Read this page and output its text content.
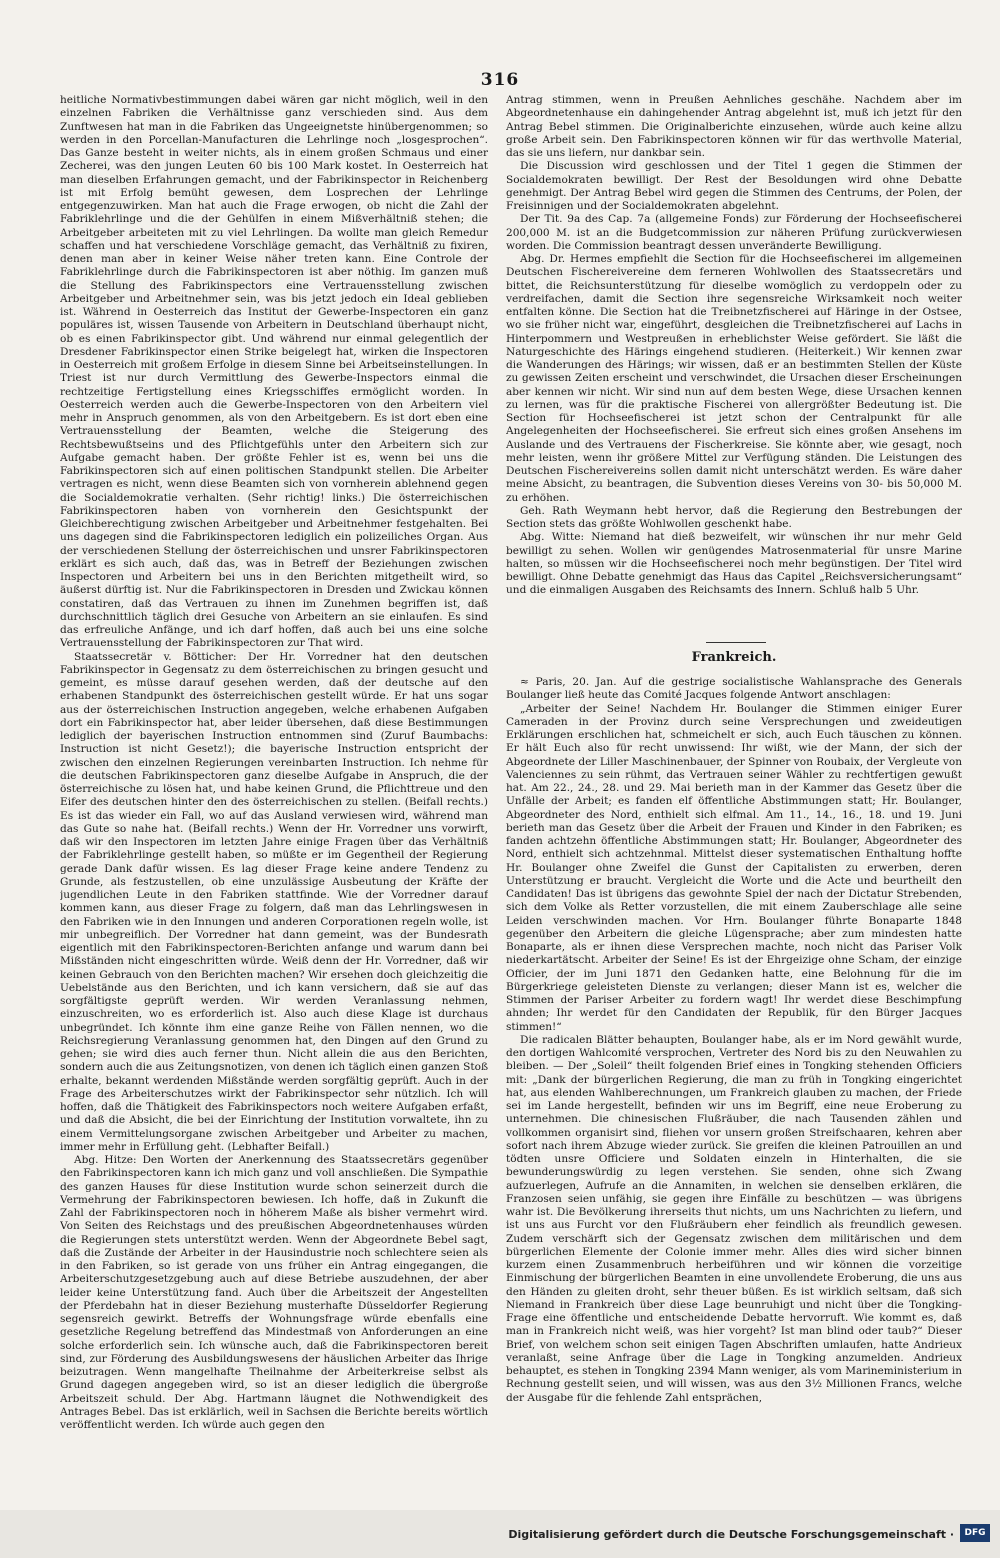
316

heitliche Normativbestimmungen dabei wären gar nicht möglich, weil in den einzelnen Fabriken die Verhältnisse ganz verschieden sind. Aus dem Zunftwesen hat man in die Fabriken das Ungeeignetste hinübergenommen; so werden in den Porcellan-Manufacturen die Lehrlinge noch „losgesprochen“. Das Ganze besteht in weiter nichts, als in einem großen Schmaus und einer Zecherei, was den jungen Leuten 60 bis 100 Mark kostet. In Oesterreich hat man dieselben Erfahrungen gemacht, und der Fabrikinspector in Reichenberg ist mit Erfolg bemüht gewesen, dem Losprechen der Lehrlinge entgegenzuwirken. Man hat auch die Frage erwogen, ob nicht die Zahl der Fabriklehrlinge und die der Gehülfen in einem Mißverhältniß stehen; die Arbeitgeber arbeiteten mit zu viel Lehrlingen. Da wollte man gleich Remedur schaffen und hat verschiedene Vorschläge gemacht, das Verhältniß zu fixiren, denen man aber in keiner Weise näher treten kann. Eine Controle der Fabriklehrlinge durch die Fabrikinspectoren ist aber nöthig. Im ganzen muß die Stellung des Fabrikinspectors eine Vertrauensstellung zwischen Arbeitgeber und Arbeitnehmer sein, was bis jetzt jedoch ein Ideal geblieben ist. Während in Oesterreich das Institut der Gewerbe-Inspectoren ein ganz populäres ist, wissen Tausende von Arbeitern in Deutschland überhaupt nicht, ob es einen Fabrikinspector gibt. Und während nur einmal gelegentlich der Dresdener Fabrikinspector einen Strike beigelegt hat, wirken die Inspectoren in Oesterreich mit großem Erfolge in diesem Sinne bei Arbeitseinstellungen. In Triest ist nur durch Vermittlung des Gewerbe-Inspectors einmal die rechtzeitige Fertigstellung eines Kriegsschiffes ermöglicht worden. In Oesterreich werden auch die Gewerbe-Inspectoren von den Arbeitern viel mehr in Anspruch genommen, als von den Arbeitgebern. Es ist dort eben eine Vertrauensstellung der Beamten, welche die Steigerung des Rechtsbewußtseins und des Pflichtgefühls unter den Arbeitern sich zur Aufgabe gemacht haben. Der größte Fehler ist es, wenn bei uns die Fabrikinspectoren sich auf einen politischen Standpunkt stellen. Die Arbeiter vertragen es nicht, wenn diese Beamten sich von vornherein ablehnend gegen die Socialdemokratie verhalten. (Sehr richtig! links.) Die österreichischen Fabrikinspectoren haben von vornherein den Gesichtspunkt der Gleichberechtigung zwischen Arbeitgeber und Arbeitnehmer festgehalten. Bei uns dagegen sind die Fabrikinspectoren lediglich ein polizeiliches Organ. Aus der verschiedenen Stellung der österreichischen und unsrer Fabrikinspectoren erklärt es sich auch, daß das, was in Betreff der Beziehungen zwischen Inspectoren und Arbeitern bei uns in den Berichten mitgetheilt wird, so äußerst dürftig ist. Nur die Fabrikinspectoren in Dresden und Zwickau können constatiren, daß das Vertrauen zu ihnen im Zunehmen begriffen ist, daß durchschnittlich täglich drei Gesuche von Arbeitern an sie einlaufen. Es sind das erfreuliche Anfänge, und ich darf hoffen, daß auch bei uns eine solche Vertrauensstellung der Fabrikinspectoren zur That wird.

Staatssecretär v. Bötticher: Der Hr. Vorredner hat den deutschen Fabrikinspector in Gegensatz zu dem österreichischen zu bringen gesucht und gemeint, es müsse darauf gesehen werden, daß der deutsche auf den erhabenen Standpunkt des österreichischen gestellt würde. Er hat uns sogar aus der österreichischen Instruction angegeben, welche erhabenen Aufgaben dort ein Fabrikinspector hat, aber leider übersehen, daß diese Bestimmungen lediglich der bayerischen Instruction entnommen sind (Zuruf Baumbachs: Instruction ist nicht Gesetz!); die bayerische Instruction entspricht der zwischen den einzelnen Regierungen vereinbarten Instruction. Ich nehme für die deutschen Fabrikinspectoren ganz dieselbe Aufgabe in Anspruch, die der österreichische zu lösen hat, und habe keinen Grund, die Pflichttreue und den Eifer des deutschen hinter den des österreichischen zu stellen. (Beifall rechts.) Es ist das wieder ein Fall, wo auf das Ausland verwiesen wird, während man das Gute so nahe hat. (Beifall rechts.) Wenn der Hr. Vorredner uns vorwirft, daß wir den Inspectoren im letzten Jahre einige Fragen über das Verhältniß der Fabriklehrlinge gestellt haben, so müßte er im Gegentheil der Regierung gerade Dank dafür wissen. Es lag dieser Frage keine andere Tendenz zu Grunde, als festzustellen, ob eine unzulässige Ausbeutung der Kräfte der jugendlichen Leute in den Fabriken stattfinde. Wie der Vorredner darauf kommen kann, aus dieser Frage zu folgern, daß man das Lehrlingswesen in den Fabriken wie in den Innungen und anderen Corporationen regeln wolle, ist mir unbegreiflich. Der Vorredner hat dann gemeint, was der Bundesrath eigentlich mit den Fabrikinspectoren-Berichten anfange und warum dann bei Mißständen nicht eingeschritten würde. Weiß denn der Hr. Vorredner, daß wir keinen Gebrauch von den Berichten machen? Wir ersehen doch gleichzeitig die Uebelstände aus den Berichten, und ich kann versichern, daß sie auf das sorgfältigste geprüft werden. Wir werden Veranlassung nehmen, einzuschreiten, wo es erforderlich ist. Also auch diese Klage ist durchaus unbegründet. Ich könnte ihm eine ganze Reihe von Fällen nennen, wo die Reichsregierung Veranlassung genommen hat, den Dingen auf den Grund zu gehen; sie wird dies auch ferner thun. Nicht allein die aus den Berichten, sondern auch die aus Zeitungsnotizen, von denen ich täglich einen ganzen Stoß erhalte, bekannt werdenden Mißstände werden sorgfältig geprüft. Auch in der Frage des Arbeiterschutzes wirkt der Fabrikinspector sehr nützlich. Ich will hoffen, daß die Thätigkeit des Fabrikinspectors noch weitere Aufgaben erfaßt, und daß die Absicht, die bei der Einrichtung der Institution vorwaltete, ihn zu einem Vermittelungsorgane zwischen Arbeitgeber und Arbeiter zu machen, immer mehr in Erfüllung geht. (Lebhafter Beifall.)

Abg. Hitze: Den Worten der Anerkennung des Staatssecretärs gegenüber den Fabrikinspectoren kann ich mich ganz und voll anschließen. Die Sympathie des ganzen Hauses für diese Institution wurde schon seinerzeit durch die Vermehrung der Fabrikinspectoren bewiesen. Ich hoffe, daß in Zukunft die Zahl der Fabrikinspectoren noch in höherem Maße als bisher vermehrt wird. Von Seiten des Reichstags und des preußischen Abgeordnetenhauses würden die Regierungen stets unterstützt werden. Wenn der Abgeordnete Bebel sagt, daß die Zustände der Arbeiter in der Hausindustrie noch schlechtere seien als in den Fabriken, so ist gerade von uns früher ein Antrag eingegangen, die Arbeiterschutzgesetzgebung auch auf diese Betriebe auszudehnen, der aber leider keine Unterstützung fand. Auch über die Arbeitszeit der Angestellten der Pferdebahn hat in dieser Beziehung musterhafte Düsseldorfer Regierung segensreich gewirkt. Betreffs der Wohnungsfrage würde ebenfalls eine gesetzliche Regelung betreffend das Mindestmaß von Anforderungen an eine solche erforderlich sein. Ich wünsche auch, daß die Fabrikinspectoren bereit sind, zur Förderung des Ausbildungswesens der häuslichen Arbeiter das Ihrige beizutragen. Wenn mangelhafte Theilnahme der Arbeiterkreise selbst als Grund dagegen angegeben wird, so ist an dieser lediglich die übergroße Arbeitszeit schuld. Der Abg. Hartmann läugnet die Nothwendigkeit des Antrages Bebel. Das ist erklärlich, weil in Sachsen die Berichte bereits wörtlich veröffentlicht werden. Ich würde auch gegen den

Antrag stimmen, wenn in Preußen Aehnliches geschähe. Nachdem aber im Abgeordnetenhause ein dahingehender Antrag abgelehnt ist, muß ich jetzt für den Antrag Bebel stimmen. Die Originalberichte einzusehen, würde auch keine allzu große Arbeit sein. Den Fabrikinspectoren können wir für das werthvolle Material, das sie uns liefern, nur dankbar sein.

Die Discussion wird geschlossen und der Titel 1 gegen die Stimmen der Socialdemokraten bewilligt. Der Rest der Besoldungen wird ohne Debatte genehmigt. Der Antrag Bebel wird gegen die Stimmen des Centrums, der Polen, der Freisinnigen und der Socialdemokraten abgelehnt.

Der Tit. 9a des Cap. 7a (allgemeine Fonds) zur Förderung der Hochseefischerei 200,000 M. ist an die Budgetcommission zur näheren Prüfung zurückverwiesen worden. Die Commission beantragt dessen unveränderte Bewilligung.

Abg. Dr. Hermes empfiehlt die Section für die Hochseefischerei im allgemeinen Deutschen Fischereivereine dem ferneren Wohlwollen des Staatssecretärs und bittet, die Reichsunterstützung für dieselbe womöglich zu verdoppeln oder zu verdreifachen, damit die Section ihre segensreiche Wirksamkeit noch weiter entfalten könne. Die Section hat die Treibnetzfischerei auf Häringe in der Ostsee, wo sie früher nicht war, eingeführt, desgleichen die Treibnetzfischerei auf Lachs in Hinterpommern und Westpreußen in erheblichster Weise gefördert. Sie läßt die Naturgeschichte des Härings eingehend studieren. (Heiterkeit.) Wir kennen zwar die Wanderungen des Härings; wir wissen, daß er an bestimmten Stellen der Küste zu gewissen Zeiten erscheint und verschwindet, die Ursachen dieser Erscheinungen aber kennen wir nicht. Wir sind nun auf dem besten Wege, diese Ursachen kennen zu lernen, was für die praktische Fischerei von allergrößter Bedeutung ist. Die Section für Hochseefischerei ist jetzt schon der Centralpunkt für alle Angelegenheiten der Hochseefischerei. Sie erfreut sich eines großen Ansehens im Auslande und des Vertrauens der Fischerkreise. Sie könnte aber, wie gesagt, noch mehr leisten, wenn ihr größere Mittel zur Verfügung ständen. Die Leistungen des Deutschen Fischereivereins sollen damit nicht unterschätzt werden. Es wäre daher meine Absicht, zu beantragen, die Subvention dieses Vereins von 30- bis 50,000 M. zu erhöhen.

Geh. Rath Weymann hebt hervor, daß die Regierung den Bestrebungen der Section stets das größte Wohlwollen geschenkt habe.

Abg. Witte: Niemand hat dieß bezweifelt, wir wünschen ihr nur mehr Geld bewilligt zu sehen. Wollen wir genügendes Matrosenmaterial für unsre Marine halten, so müssen wir die Hochseefischerei noch mehr begünstigen. Der Titel wird bewilligt. Ohne Debatte genehmigt das Haus das Capitel „Reichsversicherungsamt“ und die einmaligen Ausgaben des Reichsamts des Innern. Schluß halb 5 Uhr.

Frankreich.

≈ Paris, 20. Jan. Auf die gestrige socialistische Wahlansprache des Generals Boulanger ließ heute das Comité Jacques folgende Antwort anschlagen:

„Arbeiter der Seine! Nachdem Hr. Boulanger die Stimmen einiger Eurer Cameraden in der Provinz durch seine Versprechungen und zweideutigen Erklärungen erschlichen hat, schmeichelt er sich, auch Euch täuschen zu können. Er hält Euch also für recht unwissend: Ihr wißt, wie der Mann, der sich der Abgeordnete der Liller Maschinenbauer, der Spinner von Roubaix, der Vergleute von Valenciennes zu sein rühmt, das Vertrauen seiner Wähler zu rechtfertigen gewußt hat. Am 22., 24., 28. und 29. Mai berieth man in der Kammer das Gesetz über die Unfälle der Arbeit; es fanden elf öffentliche Abstimmungen statt; Hr. Boulanger, Abgeordneter des Nord, enthielt sich elfmal. Am 11., 14., 16., 18. und 19. Juni berieth man das Gesetz über die Arbeit der Frauen und Kinder in den Fabriken; es fanden achtzehn öffentliche Abstimmungen statt; Hr. Boulanger, Abgeordneter des Nord, enthielt sich achtzehnmal. Mittelst dieser systematischen Enthaltung hoffte Hr. Boulanger ohne Zweifel die Gunst der Capitalisten zu erwerben, deren Unterstützung er braucht. Vergleicht die Worte und die Acte und beurtheilt den Candidaten! Das ist übrigens das gewohnte Spiel der nach der Dictatur Strebenden, sich dem Volke als Retter vorzustellen, die mit einem Zauberschlage alle seine Leiden verschwinden machen. Vor Hrn. Boulanger führte Bonaparte 1848 gegenüber den Arbeitern die gleiche Lügensprache; aber zum mindesten hatte Bonaparte, als er ihnen diese Versprechen machte, noch nicht das Pariser Volk niederkartätscht. Arbeiter der Seine! Es ist der Ehrgeizige ohne Scham, der einzige Officier, der im Juni 1871 den Gedanken hatte, eine Belohnung für die im Bürgerkriege geleisteten Dienste zu verlangen; dieser Mann ist es, welcher die Stimmen der Pariser Arbeiter zu fordern wagt! Ihr werdet diese Beschimpfung ahnden; Ihr werdet für den Candidaten der Republik, für den Bürger Jacques stimmen!“

Die radicalen Blätter behaupten, Boulanger habe, als er im Nord gewählt wurde, den dortigen Wahlcomité versprochen, Vertreter des Nord bis zu den Neuwahlen zu bleiben. — Der „Soleil“ theilt folgenden Brief eines in Tongking stehenden Officiers mit: „Dank der bürgerlichen Regierung, die man zu früh in Tongking eingerichtet hat, aus elenden Wahlberechnungen, um Frankreich glauben zu machen, der Friede sei im Lande hergestellt, befinden wir uns im Begriff, eine neue Eroberung zu unternehmen. Die chinesischen Flußräuber, die nach Tausenden zählen und vollkommen organisirt sind, fliehen vor unsern großen Streifschaaren, kehren aber sofort nach ihrem Abzuge wieder zurück. Sie greifen die kleinen Patrouillen an und tödten unsre Officiere und Soldaten einzeln in Hinterhalten, die sie bewunderungswürdig zu legen verstehen. Sie senden, ohne sich Zwang aufzuerlegen, Aufrufe an die Annamiten, in welchen sie denselben erklären, die Franzosen seien unfähig, sie gegen ihre Einfälle zu beschützen — was übrigens wahr ist. Die Bevölkerung ihrerseits thut nichts, um uns Nachrichten zu liefern, und ist uns aus Furcht vor den Flußräubern eher feindlich als freundlich gewesen. Zudem verschärft sich der Gegensatz zwischen dem militärischen und dem bürgerlichen Elemente der Colonie immer mehr. Alles dies wird sicher binnen kurzem einen Zusammenbruch herbeiführen und wir können die vorzeitige Einmischung der bürgerlichen Beamten in eine unvollendete Eroberung, die uns aus den Händen zu gleiten droht, sehr theuer büßen. Es ist wirklich seltsam, daß sich Niemand in Frankreich über diese Lage beunruhigt und nicht über die Tongking-Frage eine öffentliche und entscheidende Debatte hervorruft. Wie kommt es, daß man in Frankreich nicht weiß, was hier vorgeht? Ist man blind oder taub?“ Dieser Brief, von welchem schon seit einigen Tagen Abschriften umlaufen, hatte Andrieux veranlaßt, seine Anfrage über die Lage in Tongking anzumelden. Andrieux behauptet, es stehen in Tongking 2394 Mann weniger, als vom Marineministerium in Rechnung gestellt seien, und will wissen, was aus den 3½ Millionen Francs, welche der Ausgabe für die fehlende Zahl entsprächen,

Digitalisierung gefördert durch die Deutsche Forschungsgemeinschaft ·	DFG
